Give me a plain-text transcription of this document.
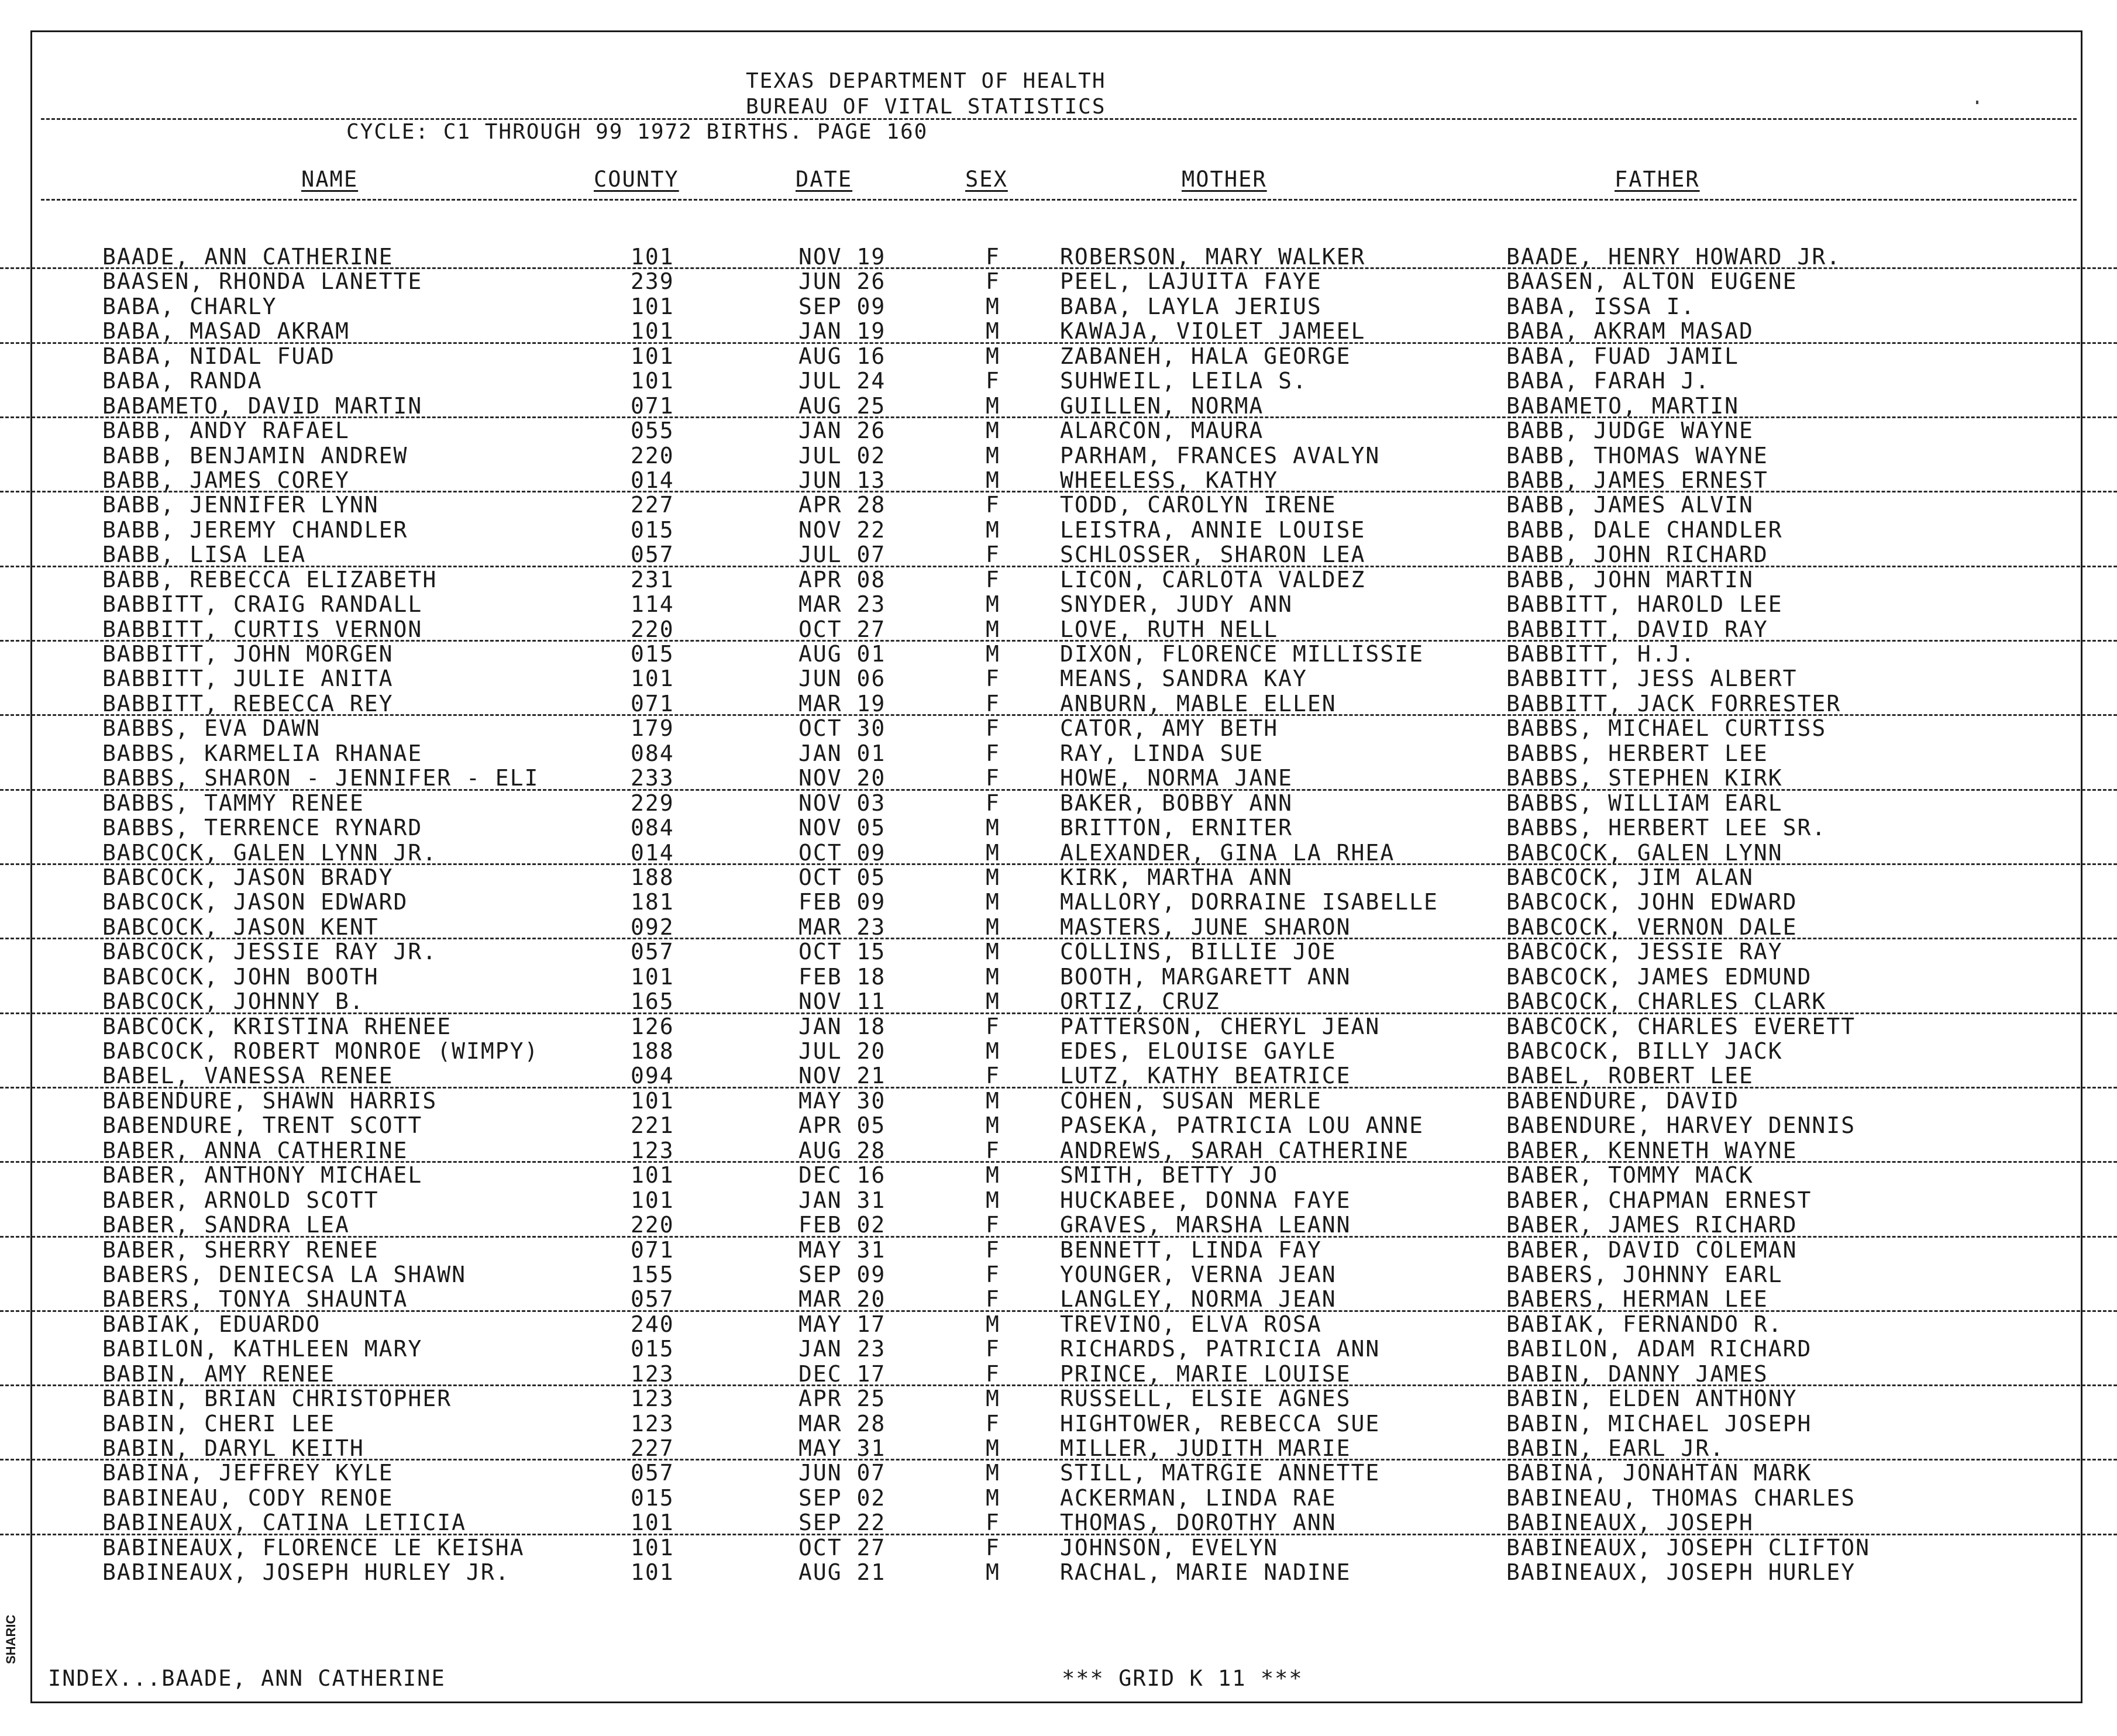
TEXAS DEPARTMENT OF HEALTH
BUREAU OF VITAL STATISTICS
CYCLE: C1 THROUGH 99 1972 BIRTHS. PAGE 160
NAME	COUNTY	DATE	SEX	MOTHER	FATHER
BAADE, ANN CATHERINE	101	NOV 19	F	ROBERSON, MARY WALKER	BAADE, HENRY HOWARD JR.
BAASEN, RHONDA LANETTE	239	JUN 26	F	PEEL, LAJUITA FAYE	BAASEN, ALTON EUGENE
BABA, CHARLY	101	SEP 09	M	BABA, LAYLA JERIUS	BABA, ISSA I.
BABA, MASAD AKRAM	101	JAN 19	M	KAWAJA, VIOLET JAMEEL	BABA, AKRAM MASAD
BABA, NIDAL FUAD	101	AUG 16	M	ZABANEH, HALA GEORGE	BABA, FUAD JAMIL
BABA, RANDA	101	JUL 24	F	SUHWEIL, LEILA S.	BABA, FARAH J.
BABAMETO, DAVID MARTIN	071	AUG 25	M	GUILLEN, NORMA	BABAMETO, MARTIN
BABB, ANDY RAFAEL	055	JAN 26	M	ALARCON, MAURA	BABB, JUDGE WAYNE
BABB, BENJAMIN ANDREW	220	JUL 02	M	PARHAM, FRANCES AVALYN	BABB, THOMAS WAYNE
BABB, JAMES COREY	014	JUN 13	M	WHEELESS, KATHY	BABB, JAMES ERNEST
BABB, JENNIFER LYNN	227	APR 28	F	TODD, CAROLYN IRENE	BABB, JAMES ALVIN
BABB, JEREMY CHANDLER	015	NOV 22	M	LEISTRA, ANNIE LOUISE	BABB, DALE CHANDLER
BABB, LISA LEA	057	JUL 07	F	SCHLOSSER, SHARON LEA	BABB, JOHN RICHARD
BABB, REBECCA ELIZABETH	231	APR 08	F	LICON, CARLOTA VALDEZ	BABB, JOHN MARTIN
BABBITT, CRAIG RANDALL	114	MAR 23	M	SNYDER, JUDY ANN	BABBITT, HAROLD LEE
BABBITT, CURTIS VERNON	220	OCT 27	M	LOVE, RUTH NELL	BABBITT, DAVID RAY
BABBITT, JOHN MORGEN	015	AUG 01	M	DIXON, FLORENCE MILLISSIE	BABBITT, H.J.
BABBITT, JULIE ANITA	101	JUN 06	F	MEANS, SANDRA KAY	BABBITT, JESS ALBERT
BABBITT, REBECCA REY	071	MAR 19	F	ANBURN, MABLE ELLEN	BABBITT, JACK FORRESTER
BABBS, EVA DAWN	179	OCT 30	F	CATOR, AMY BETH	BABBS, MICHAEL CURTISS
BABBS, KARMELIA RHANAE	084	JAN 01	F	RAY, LINDA SUE	BABBS, HERBERT LEE
BABBS, SHARON - JENNIFER - ELI	233	NOV 20	F	HOWE, NORMA JANE	BABBS, STEPHEN KIRK
BABBS, TAMMY RENEE	229	NOV 03	F	BAKER, BOBBY ANN	BABBS, WILLIAM EARL
BABBS, TERRENCE RYNARD	084	NOV 05	M	BRITTON, ERNITER	BABBS, HERBERT LEE SR.
BABCOCK, GALEN LYNN JR.	014	OCT 09	M	ALEXANDER, GINA LA RHEA	BABCOCK, GALEN LYNN
BABCOCK, JASON BRADY	188	OCT 05	M	KIRK, MARTHA ANN	BABCOCK, JIM ALAN
BABCOCK, JASON EDWARD	181	FEB 09	M	MALLORY, DORRAINE ISABELLE	BABCOCK, JOHN EDWARD
BABCOCK, JASON KENT	092	MAR 23	M	MASTERS, JUNE SHARON	BABCOCK, VERNON DALE
BABCOCK, JESSIE RAY JR.	057	OCT 15	M	COLLINS, BILLIE JOE	BABCOCK, JESSIE RAY
BABCOCK, JOHN BOOTH	101	FEB 18	M	BOOTH, MARGARETT ANN	BABCOCK, JAMES EDMUND
BABCOCK, JOHNNY B.	165	NOV 11	M	ORTIZ, CRUZ	BABCOCK, CHARLES CLARK
BABCOCK, KRISTINA RHENEE	126	JAN 18	F	PATTERSON, CHERYL JEAN	BABCOCK, CHARLES EVERETT
BABCOCK, ROBERT MONROE (WIMPY)	188	JUL 20	M	EDES, ELOUISE GAYLE	BABCOCK, BILLY JACK
BABEL, VANESSA RENEE	094	NOV 21	F	LUTZ, KATHY BEATRICE	BABEL, ROBERT LEE
BABENDURE, SHAWN HARRIS	101	MAY 30	M	COHEN, SUSAN MERLE	BABENDURE, DAVID
BABENDURE, TRENT SCOTT	221	APR 05	M	PASEKA, PATRICIA LOU ANNE	BABENDURE, HARVEY DENNIS
BABER, ANNA CATHERINE	123	AUG 28	F	ANDREWS, SARAH CATHERINE	BABER, KENNETH WAYNE
BABER, ANTHONY MICHAEL	101	DEC 16	M	SMITH, BETTY JO	BABER, TOMMY MACK
BABER, ARNOLD SCOTT	101	JAN 31	M	HUCKABEE, DONNA FAYE	BABER, CHAPMAN ERNEST
BABER, SANDRA LEA	220	FEB 02	F	GRAVES, MARSHA LEANN	BABER, JAMES RICHARD
BABER, SHERRY RENEE	071	MAY 31	F	BENNETT, LINDA FAY	BABER, DAVID COLEMAN
BABERS, DENIECSA LA SHAWN	155	SEP 09	F	YOUNGER, VERNA JEAN	BABERS, JOHNNY EARL
BABERS, TONYA SHAUNTA	057	MAR 20	F	LANGLEY, NORMA JEAN	BABERS, HERMAN LEE
BABIAK, EDUARDO	240	MAY 17	M	TREVINO, ELVA ROSA	BABIAK, FERNANDO R.
BABILON, KATHLEEN MARY	015	JAN 23	F	RICHARDS, PATRICIA ANN	BABILON, ADAM RICHARD
BABIN, AMY RENEE	123	DEC 17	F	PRINCE, MARIE LOUISE	BABIN, DANNY JAMES
BABIN, BRIAN CHRISTOPHER	123	APR 25	M	RUSSELL, ELSIE AGNES	BABIN, ELDEN ANTHONY
BABIN, CHERI LEE	123	MAR 28	F	HIGHTOWER, REBECCA SUE	BABIN, MICHAEL JOSEPH
BABIN, DARYL KEITH	227	MAY 31	M	MILLER, JUDITH MARIE	BABIN, EARL JR.
BABINA, JEFFREY KYLE	057	JUN 07	M	STILL, MATRGIE ANNETTE	BABINA, JONAHTAN MARK
BABINEAU, CODY RENOE	015	SEP 02	M	ACKERMAN, LINDA RAE	BABINEAU, THOMAS CHARLES
BABINEAUX, CATINA LETICIA	101	SEP 22	F	THOMAS, DOROTHY ANN	BABINEAUX, JOSEPH
BABINEAUX, FLORENCE LE KEISHA	101	OCT 27	F	JOHNSON, EVELYN	BABINEAUX, JOSEPH CLIFTON
BABINEAUX, JOSEPH HURLEY JR.	101	AUG 21	M	RACHAL, MARIE NADINE	BABINEAUX, JOSEPH HURLEY
INDEX...BAADE, ANN CATHERINE	*** GRID K 11 ***
SHARIC
